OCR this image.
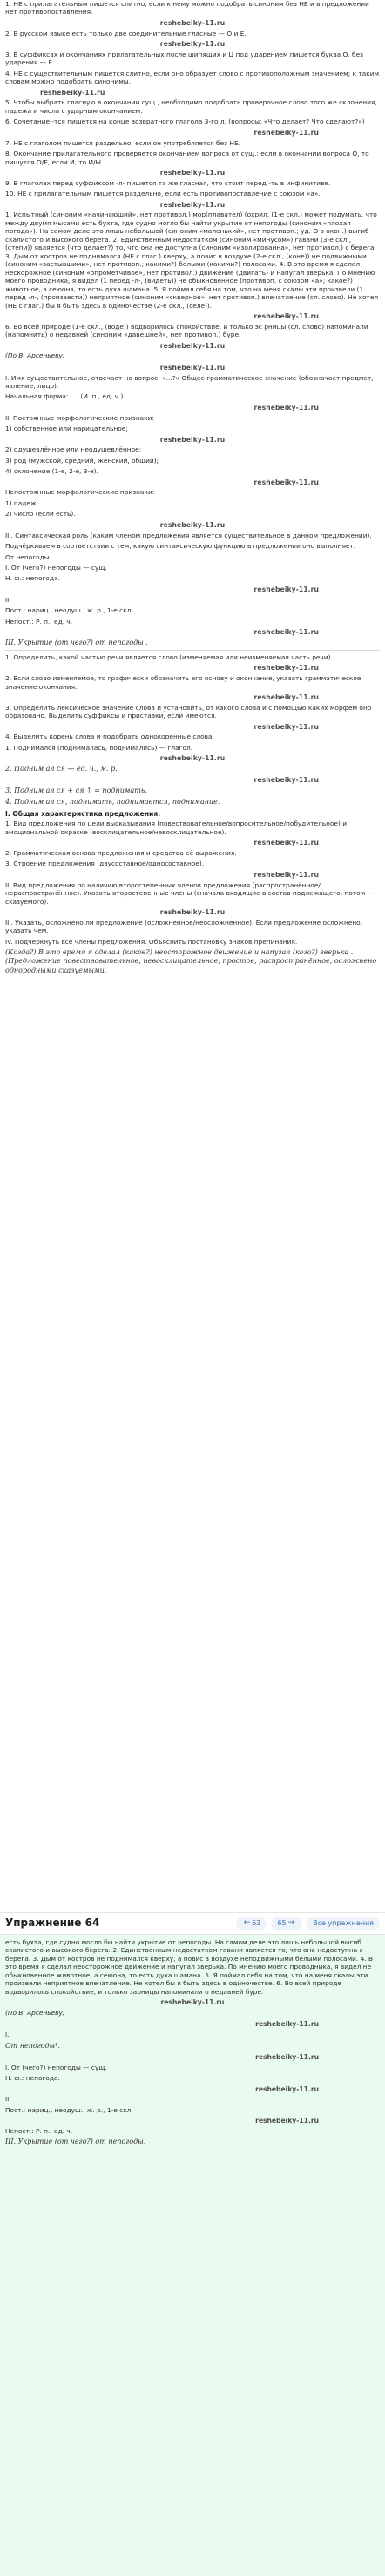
1. НЕ с прилагательным пишется слитно, если к нему можно подобрать синоним без НЕ и в предложении нет противопоставления.

reshebeiky-11.ru

2. В русском языке есть только две соединительные гласные — О и Е.

reshebeiky-11.ru

3. В суффиксах и окончаниях прилагательных после шипящих и Ц под ударением пишется буква О, без ударения — Е.

4. НЕ с существительным пишется слитно, если оно образует слово с противоположным значением; к таким словам можно подобрать синонимы.

reshebeiky-11.ru

5. Чтобы выбрать гласную в окончании сущ., необходимо подобрать проверочное слово того же склонения, падежа и числа с ударным окончанием.

6. Сочетание -тся пишется на конце возвратного глагола 3-го л. (вопросы: «Что делает? Что сделают?»)

reshebeiky-11.ru

7. НЕ с глаголом пишется раздельно, если он употребляется без НЕ.

8. Окончание прилагательного проверяется окончанием вопроса от сущ.: если в окончании вопроса О, то пишутся О/Е, если И, то И/Ы.

reshebeiky-11.ru

9. В глаголах перед суффиксом -л- пишется та же гласная, что стоит перед -ть в инфинитиве.

10. НЕ с прилагательным пишется раздельно, если есть противопоставление с союзом «а».

reshebeiky-11.ru

1. Испытный (синоним «начинающий», нет противол.) мор(плавател) (охрил, (1-е скл.) может подумать, что между двумя мысами есть бухта, где судно могло бы найти укрытие от непогоды (синоним «плохая погода»). На самом деле это лишь небольшой (синоним «маленький», нет противоп.; уд. О в окон.) выгиб скалистого и высокого берега. 2. Единственным недостатком (синоним «минусом») гавани (3-е скл., (степи)) является (что делает?) то, что она не доступна (синоним «изолированна», нет противол.) с берега. 3. Дым от костров не поднимался (НЕ с глаг.) кверху, а повис в воздухе (2-е скл., (коне)) не подвижными (синоним «застывшими», нет противоп.; какими?) белыми (какими?) полосами. 4. В это время я сделал нескорожное (синоним «опрометчивое», нет противол.) движение (двигать) и напугал зверька. По мнению моего проводника, я видел (1 перед -л-, (видеть)) не обыкновенное (противоп. с союзом «а»; какое?) животное, а сеюона, то есть духа шамана. 5. Я поймал себя на том, что на меня скалы эти произвели (1 перед -л-, (произвести)) неприятное (синоним «скверное», нет противоп.) впечатление (сл. слово). Не хотел (НЕ с глаг.) бы я быть здесь в одиночестве (2-е скл., (селе)).

reshebeiky-11.ru

6. Во всей природе (1-е скл., (воде)) водворилось спокойствие, и только эс рницы (сл. слово) напоминали (напомнить) о недавней (синоним «давешней», нет противоп.) буре.

reshebeiky-11.ru

(По В. Арсеньеву)

reshebeiky-11.ru

I. Имя существительное, отвечает на вопрос: «...?» Общее грамматическое значение (обозначает предмет, явление, лицо).

Начальная форма: .... (И. п., ед. ч.).

reshebeiky-11.ru

II. Постоянные морфологические признаки:

1) собственное или нарицательное;

reshebeiky-11.ru

2) одушевлённое или неодушевлённое;

3) род (мужской, средний, женский, общий);

4) склонение (1-е, 2-е, 3-е).

reshebeiky-11.ru

Непостоянные морфологические признаки:

1) падеж;

2) число (если есть).

reshebeiky-11.ru

III. Синтаксическая роль (каким членом предложения является существительное в данном предложении).

Подчёркиваем в соответствии с тем, какую синтаксическую функцию в предложении оно выполняет.

От непогоды.

I. От (чего?) непогоды — сущ.

Н. ф.: непогода.

reshebeiky-11.ru

II.

Пост.: нариц., неодуш., ж. р., 1-е скл.

Непост.: Р. п., ед. ч.

reshebeiky-11.ru

III. Укрытие (от чего?) от непогоды .

1. Определить, какой частью речи является слово (изменяемая или неизменяемая часть речи).

reshebeiky-11.ru

2. Если слово изменяемое, то графически обозначить его основу и окончание, указать грамматическое значение окончания.

reshebeiky-11.ru

3. Определить лексическое значение слова и установить, от какого слова и с помощью каких морфем оно образовано. Выделить суффиксы и приставки, если имеются.

reshebeiky-11.ru

4. Выделить корень слова и подобрать однокоренные слова.

1. Поднимался (поднималась, поднимались) — глагол.

reshebeiky-11.ru

2. Подним ал ся — ед. ч., м. р.

reshebeiky-11.ru

3. Подним ал ся + ся ↑ = поднимать.

4. Подним ал ся, поднимать, поднимается, поднимание.

I. Общая характеристика предложения.

1. Вид предложения по цели высказывания (повествовательное/вопросительное/побудительное) и эмоциональной окраске (восклицательное/невосклицательное).

reshebeiky-11.ru

2. Грамматическая основа предложения и средства её выражения.

3. Строение предложения (двусоставное/односоставное).

reshebeiky-11.ru

II. Вид предложения по наличию второстепенных членов предложения (распространённое/нераспространённое). Указать второстепенные члены (сначала входящие в состав подлежащего, потом — сказуемого).

reshebeiky-11.ru

III. Указать, осложнено ли предложение (осложнённое/неосложнённое). Если предложение осложнено, указать чем.

IV. Подчеркнуть все члены предложения. Объяснить постановку знаков препинания.

(Когда?) В это время я сделал (какое?) неосторожное движение и напугал (кого?) зверька . (Предложение повествовательное, невосклицательное, простое, распространённое, осложнено однородными сказуемыми.

Упражнение 64	← 63 65 →	Все упражнения

есть бухта, где судно могло бы найти укрытие от непогоды. На самом деле это лишь небольшой выгиб скалистого и высокого берега. 2. Единственным недостатком гавани является то, что она недоступна с берега. 3. Дым от костров не поднимался кверху, а повис в воздухе неподвижными белыми полосами. 4. В это время я сделал неосторожное движение и напугал зверька. По мнению моего проводника, я видел не обыкновенное животное, а сеюона, то есть духа шамана. 5. Я поймал себя на том, что на меня скалы эти произвели неприятное впечатление. Не хотел бы я быть здесь в одиночестве. 6. Во всей природе водворилось спокойствие, и только зарницы напоминали о недавней буре.

reshebeiky-11.ru

(По В. Арсеньеву)

reshebeiky-11.ru

I.

От непогоды¹.

reshebeiky-11.ru

I. От (чего?) непогоды — сущ.

Н. ф.: непогода.

reshebeiky-11.ru

II.

Пост.: нариц., неодуш., ж. р., 1-е скл.

reshebeiky-11.ru

Непост.: Р. п., ед. ч.

III. Укрытие (от чего?) от непогоды.
